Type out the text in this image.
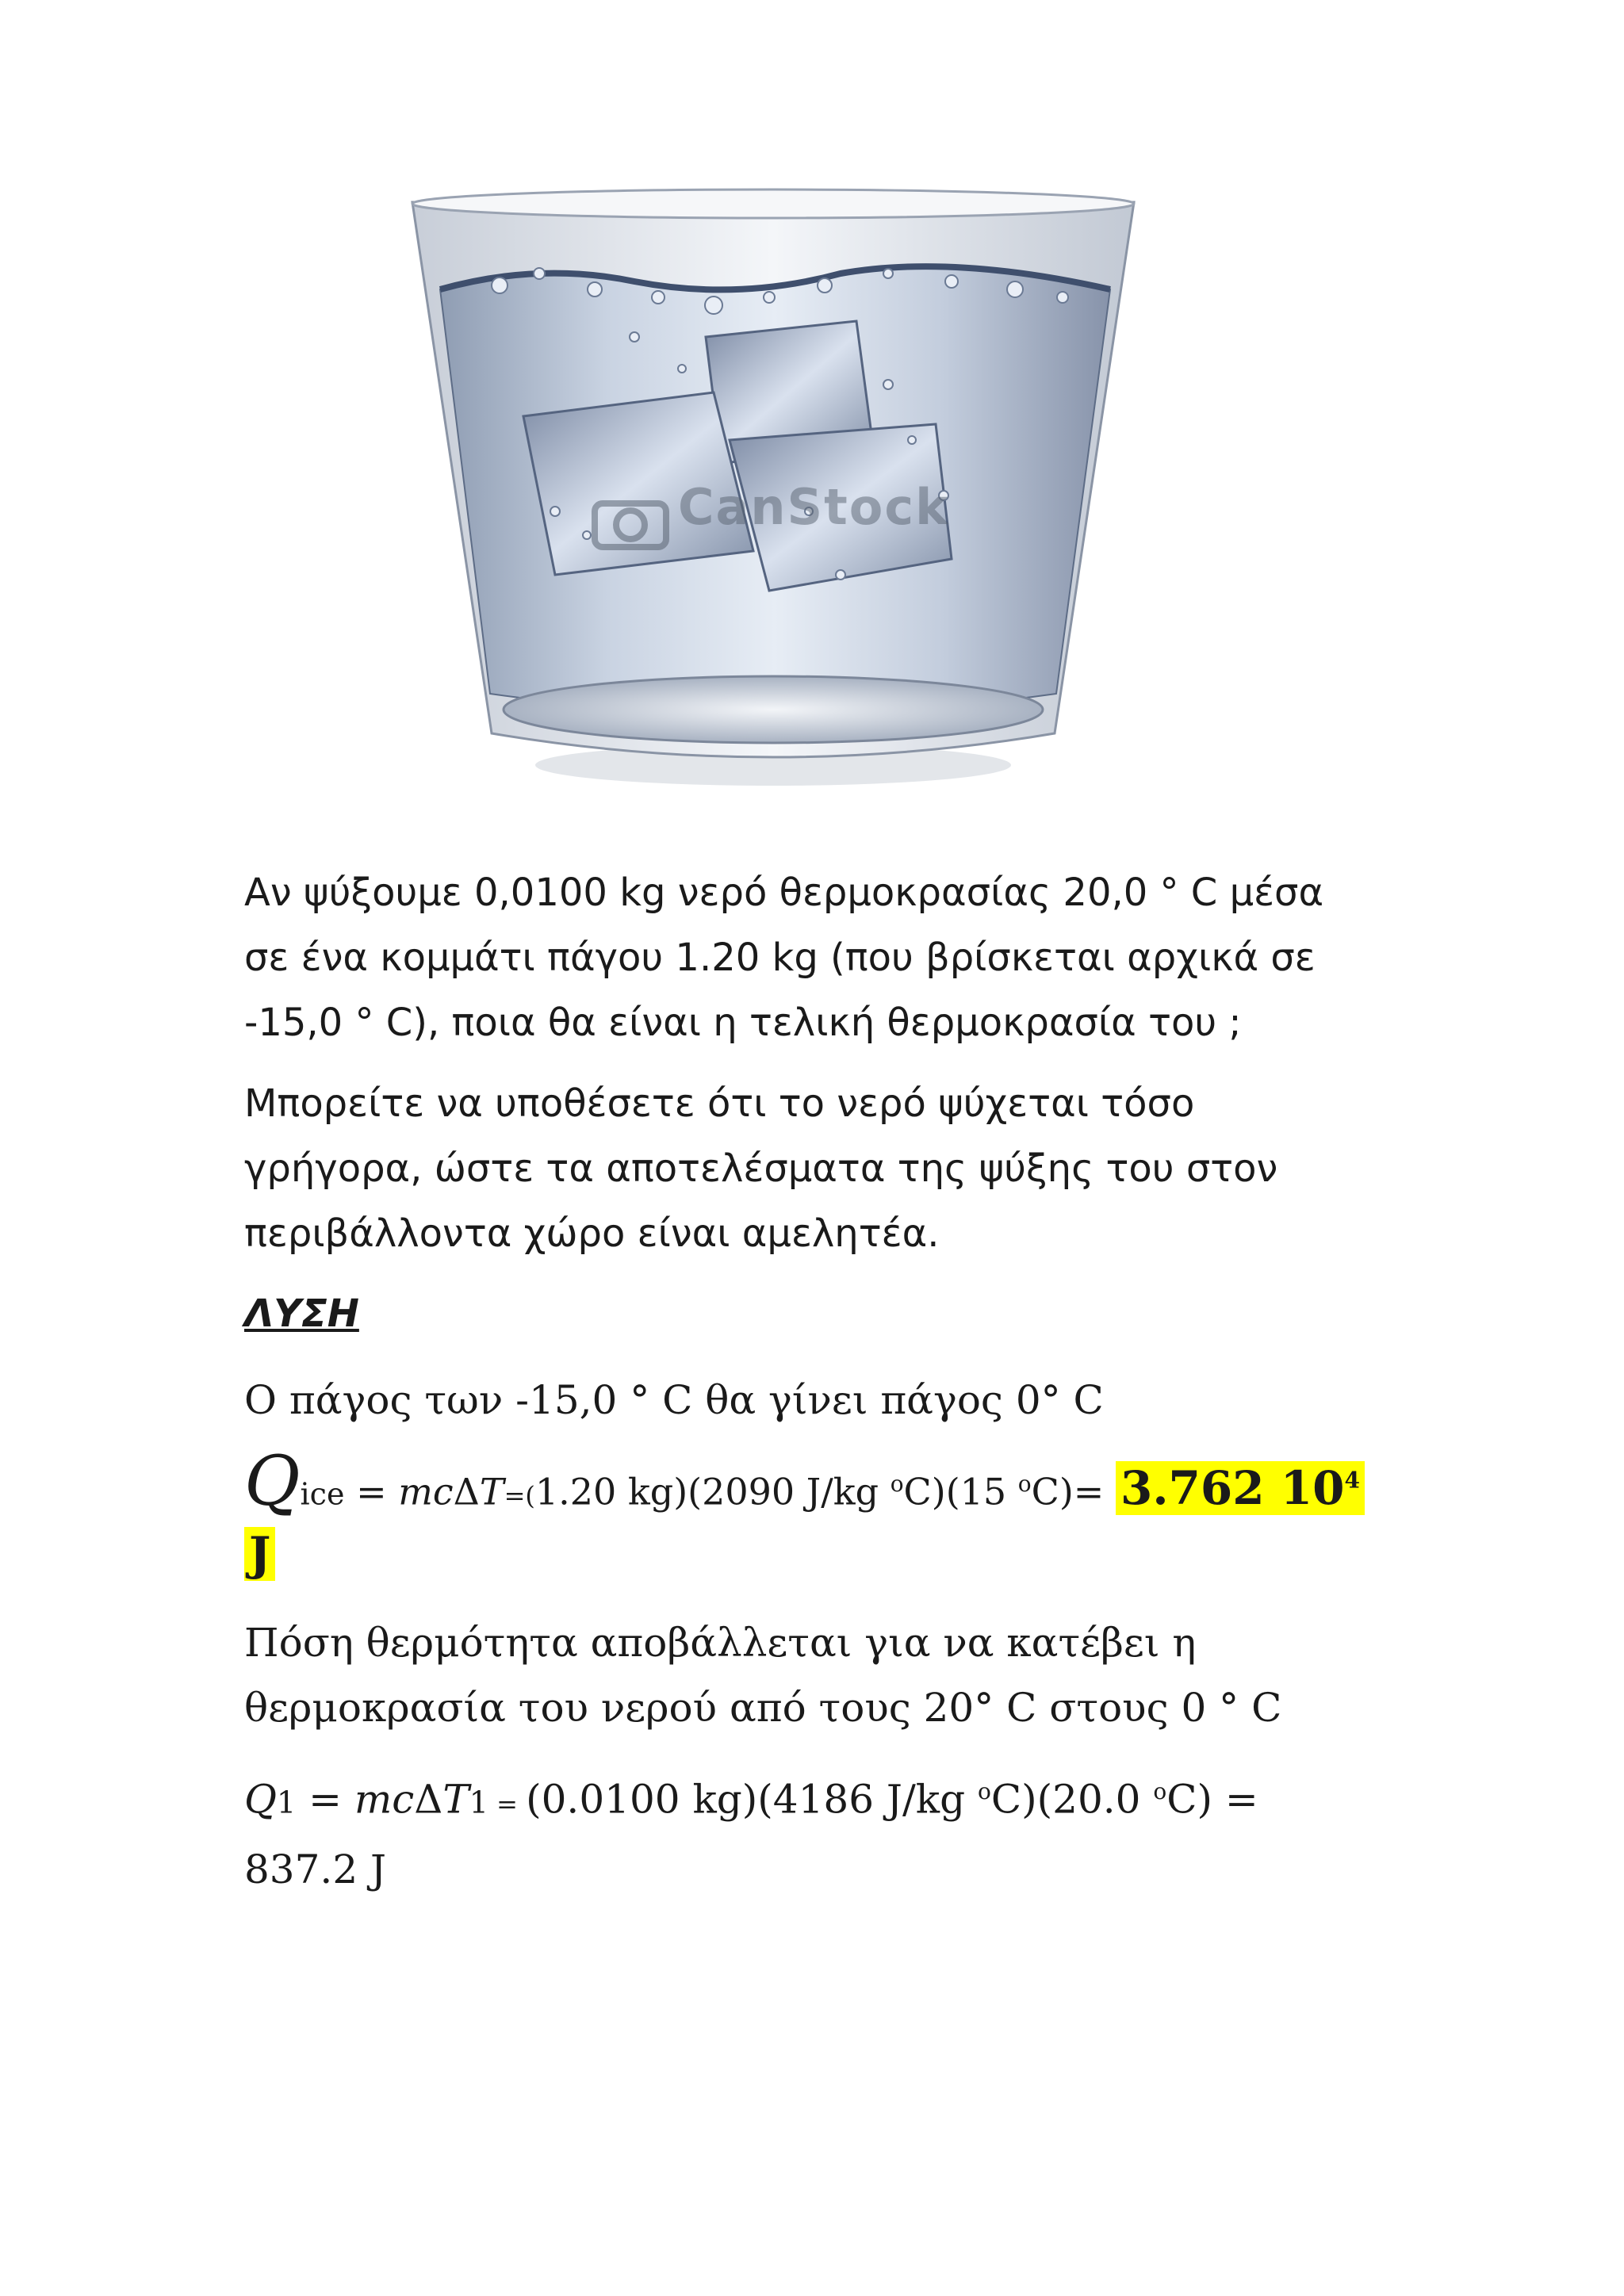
CanStock

Αν ψύξουμε 0,0100 kg νερό θερμοκρασίας 20,0 ° C μέσα σε ένα κομμάτι πάγου 1.20 kg (που βρίσκεται αρχικά σε -15,0 ° C), ποια θα είναι η τελική θερμοκρασία του ;

Μπορείτε να υποθέσετε ότι το νερό ψύχεται τόσο γρήγορα, ώστε τα αποτελέσματα της ψύξης του στον περιβάλλοντα χώρο είναι αμελητέα.

ΛΥΣΗ

Ο πάγος των -15,0 ° C θα γίνει πάγος 0° C

Qice = mcΔT=(1.20 kg)(2090 J/kg $^o$C)(15 $^o$C)= 3.762 $10^4$
J

Πόση θερμότητα αποβάλλεται για να κατέβει η θερμοκρασία του νερού από τους 20° C στους 0 ° C

Q1 = mcΔT1 = (0.0100 kg)(4186 J/kg $^o$C)(20.0 $^o$C) = 837.2 J
